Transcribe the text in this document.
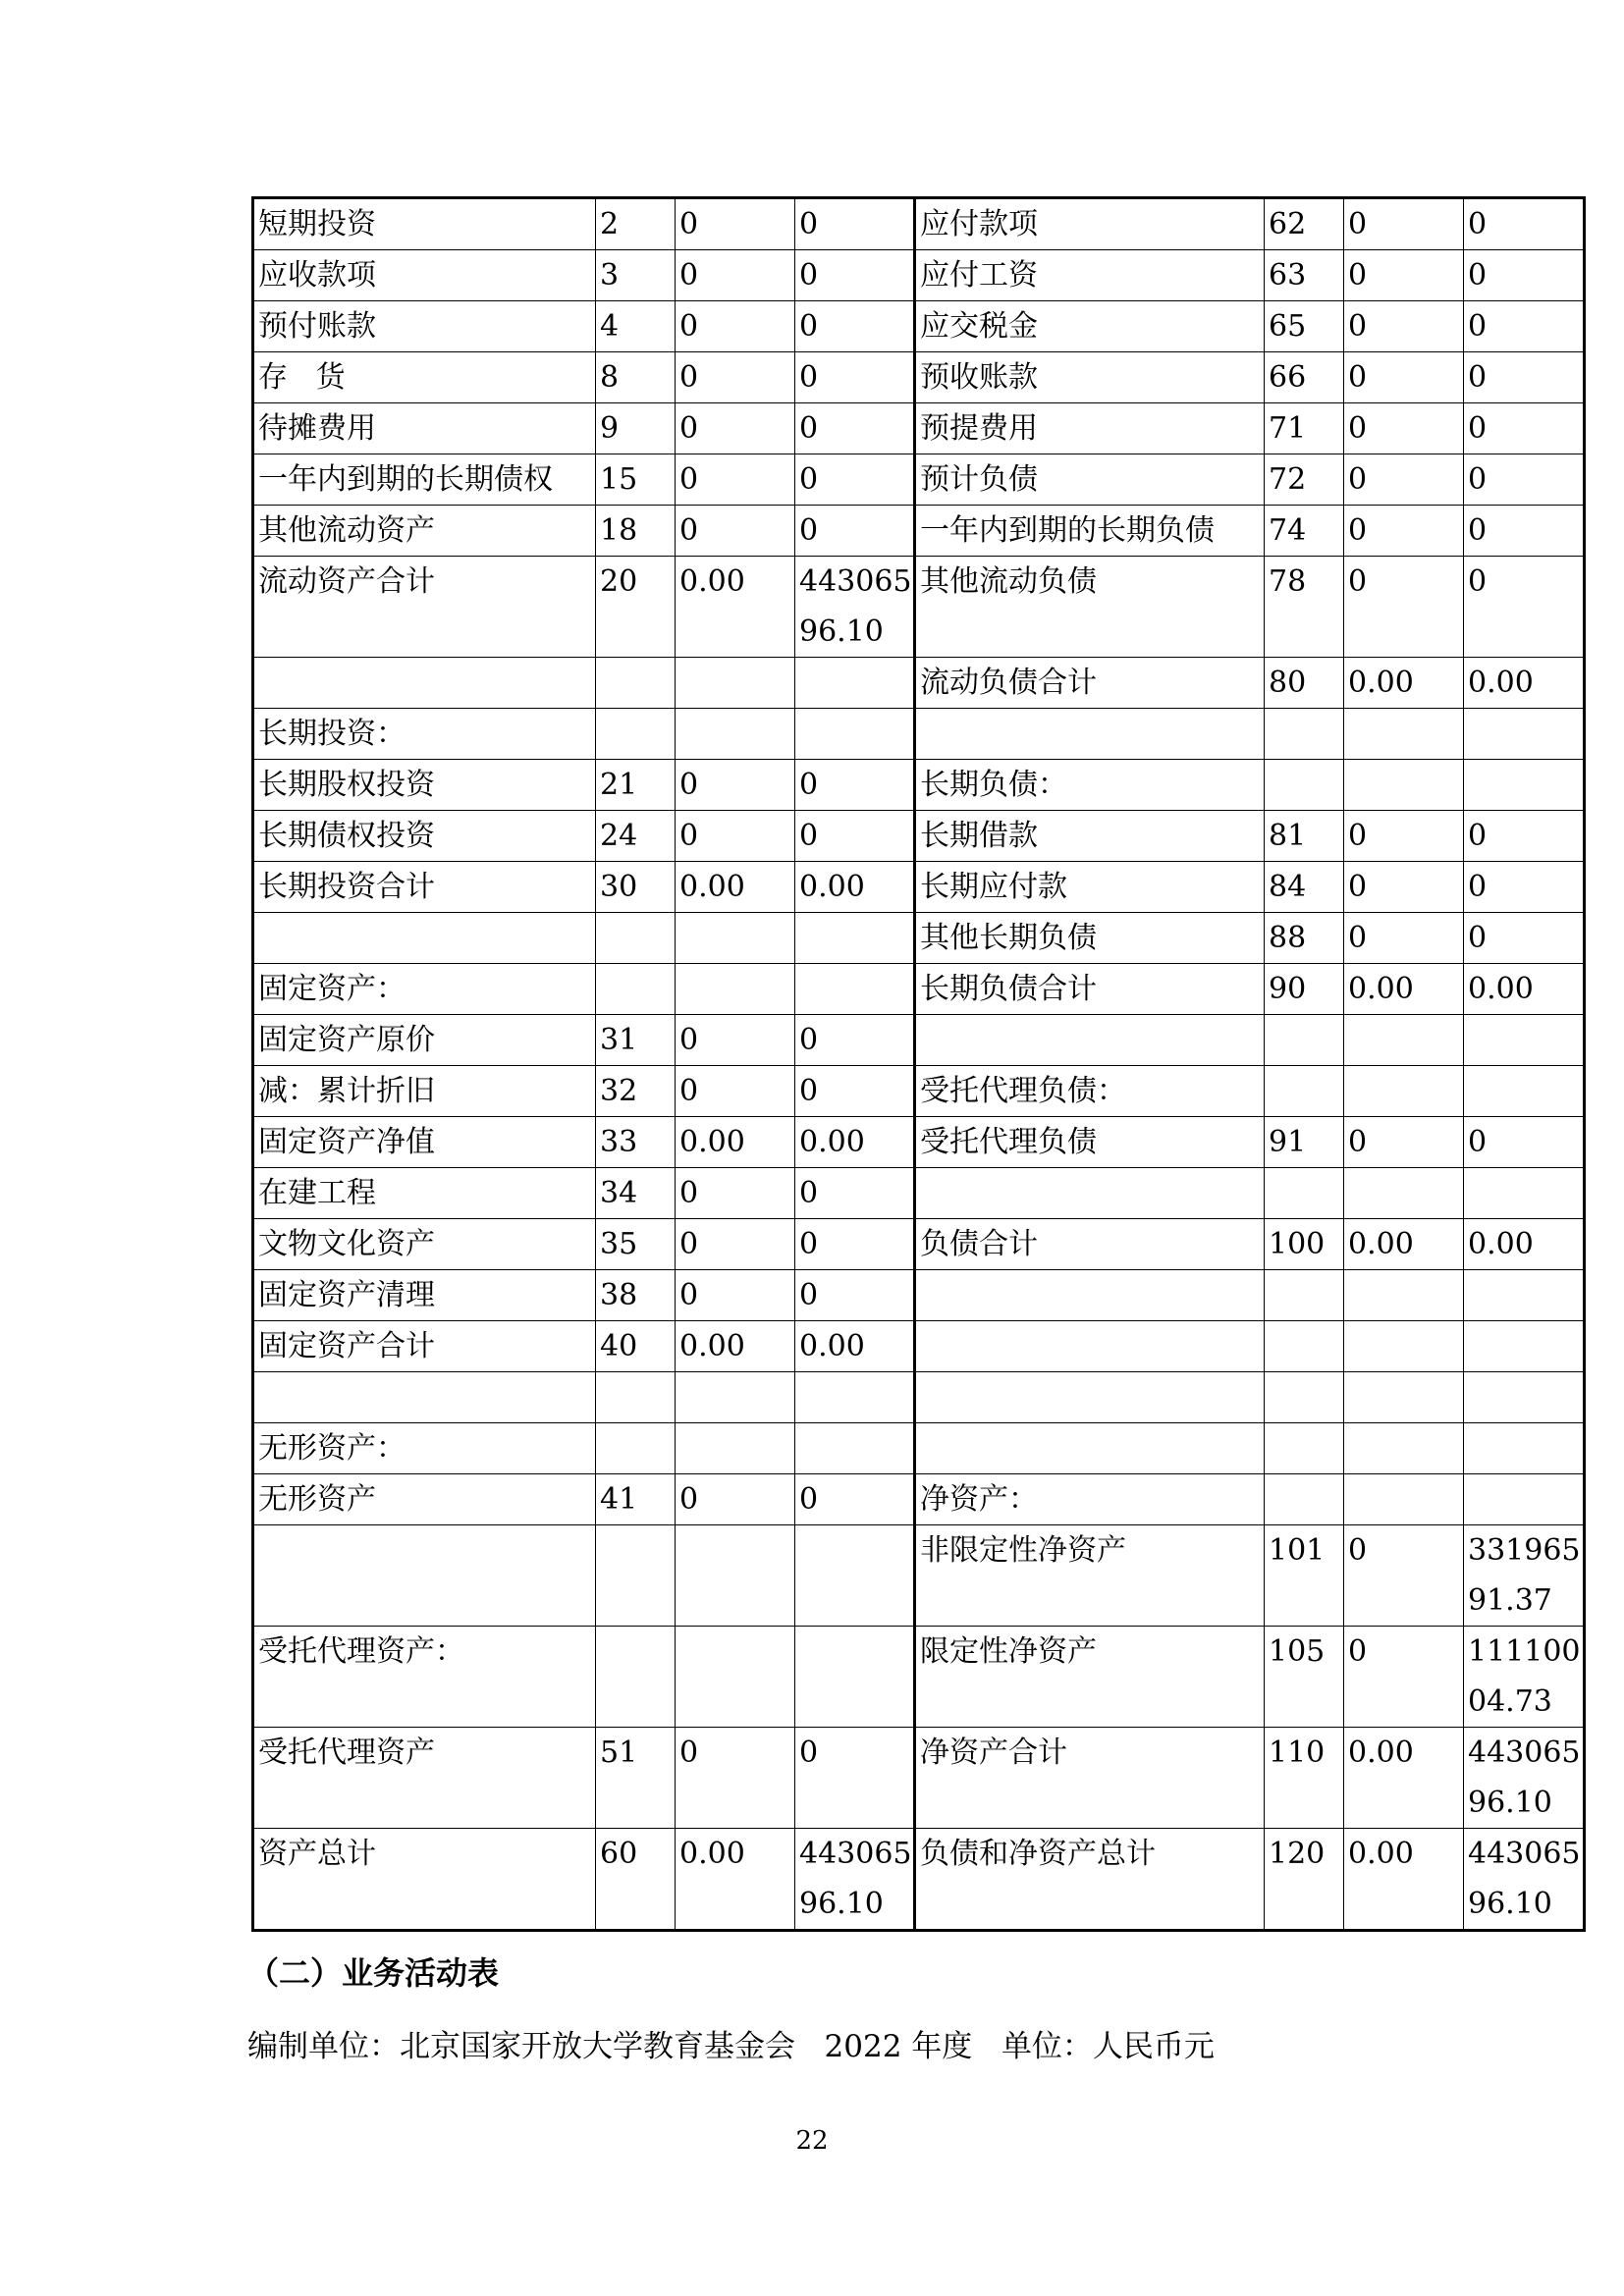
短期投资	2	0	0	应付款项	62	0	0
应收款项	3	0	0	应付工资	63	0	0
预付账款	4	0	0	应交税金	65	0	0
存   货	8	0	0	预收账款	66	0	0
待摊费用	9	0	0	预提费用	71	0	0
一年内到期的长期债权	15	0	0	预计负债	72	0	0
其他流动资产	18	0	0	一年内到期的长期负债	74	0	0
流动资产合计	20	0.00	44306596.10	其他流动负债	78	0	0
				流动负债合计	80	0.00	0.00
长期投资：							
长期股权投资	21	0	0	长期负债：			
长期债权投资	24	0	0	长期借款	81	0	0
长期投资合计	30	0.00	0.00	长期应付款	84	0	0
				其他长期负债	88	0	0
固定资产：				长期负债合计	90	0.00	0.00
固定资产原价	31	0	0				
减：累计折旧	32	0	0	受托代理负债：			
固定资产净值	33	0.00	0.00	受托代理负债	91	0	0
在建工程	34	0	0				
文物文化资产	35	0	0	负债合计	100	0.00	0.00
固定资产清理	38	0	0				
固定资产合计	40	0.00	0.00				

无形资产：							
无形资产	41	0	0	净资产：			
				非限定性净资产	101	0	33196591.37
受托代理资产：				限定性净资产	105	0	11110004.73
受托代理资产	51	0	0	净资产合计	110	0.00	44306596.10
资产总计	60	0.00	44306596.10	负债和净资产总计	120	0.00	44306596.10
（二）业务活动表
编制单位：北京国家开放大学教育基金会   2022 年度   单位：人民币元
22
